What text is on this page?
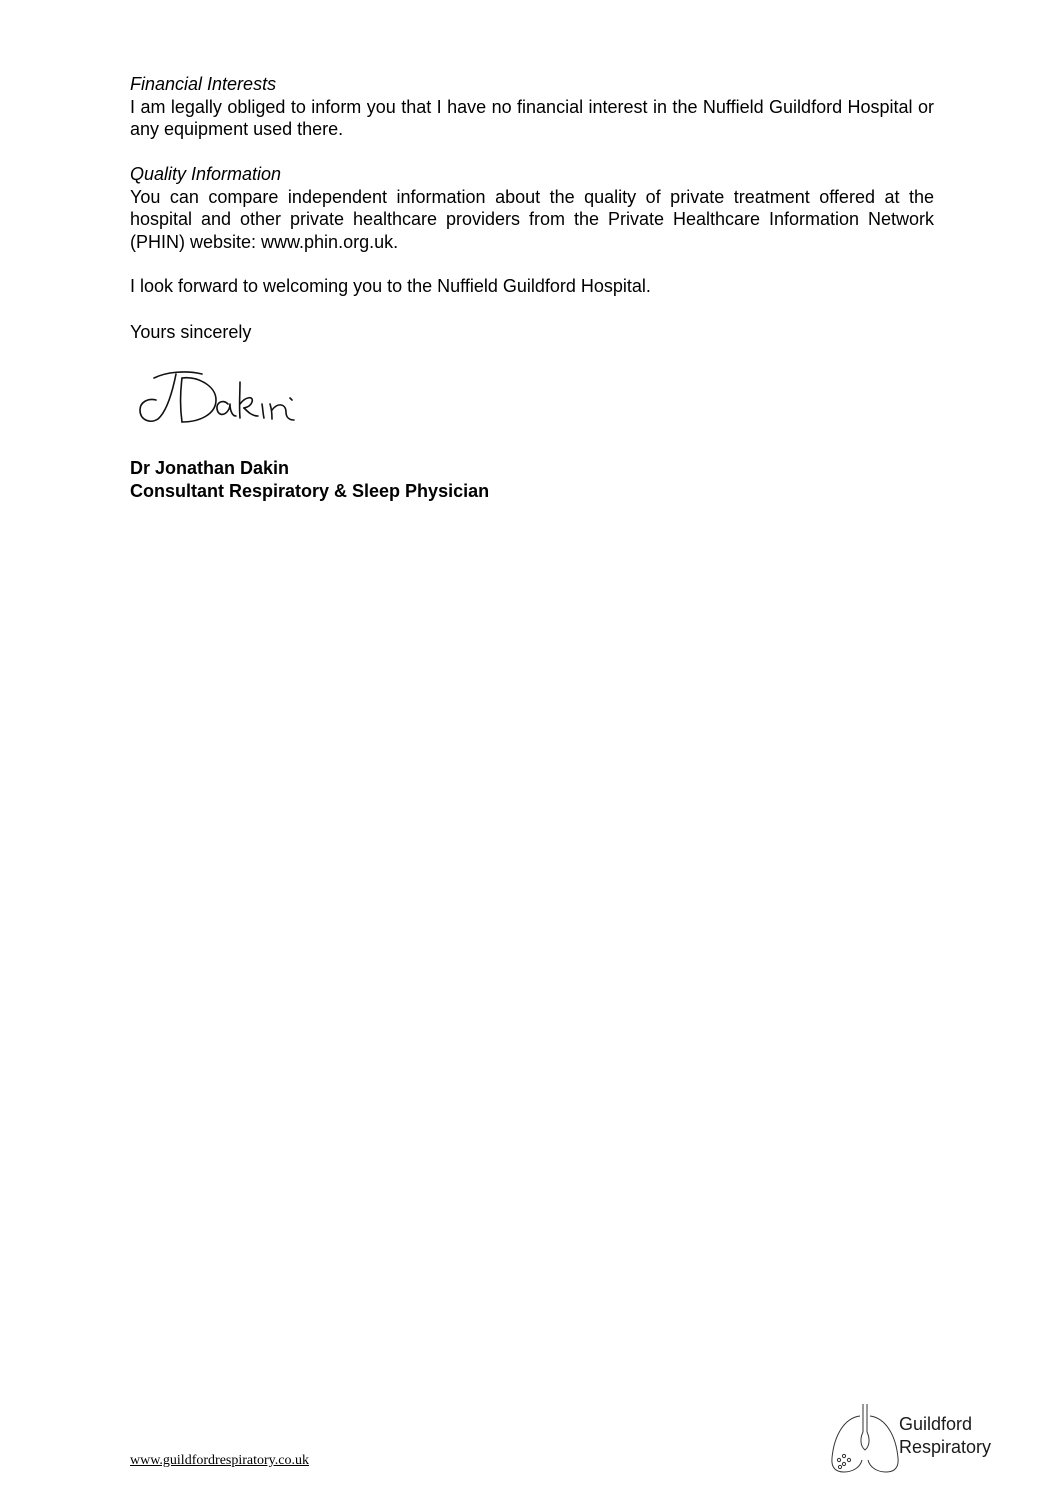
Financial Interests
I am legally obliged to inform you that I have no financial interest in the Nuffield Guildford Hospital or any equipment used there.
Quality Information
You can compare independent information about the quality of private treatment offered at the hospital and other private healthcare providers from the Private Healthcare Information Network (PHIN) website: www.phin.org.uk.
I look forward to welcoming you to the Nuffield Guildford Hospital.
Yours sincerely
Dr Jonathan Dakin
Consultant Respiratory & Sleep Physician
www.guildfordrespiratory.co.uk
Guildford
Respiratory
